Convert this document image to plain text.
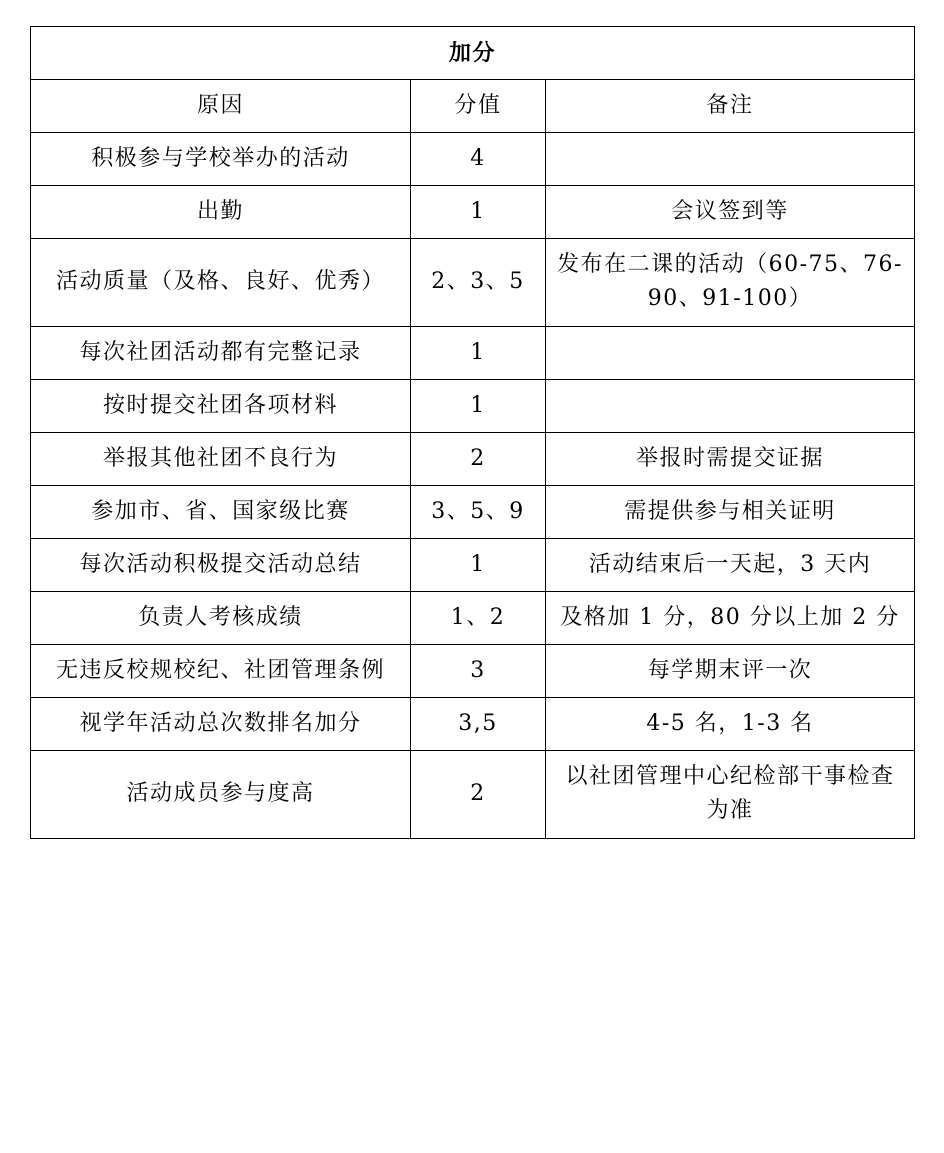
加分		
原因	分值	备注
积极参与学校举办的活动	4	
出勤	1	会议签到等
活动质量（及格、良好、优秀）	2、3、5	发布在二课的活动（60-75、76-90、91-100）
每次社团活动都有完整记录	1	
按时提交社团各项材料	1	
举报其他社团不良行为	2	举报时需提交证据
参加市、省、国家级比赛	3、5、9	需提供参与相关证明
每次活动积极提交活动总结	1	活动结束后一天起，3 天内
负责人考核成绩	1、2	及格加 1 分，80 分以上加 2 分
无违反校规校纪、社团管理条例	3	每学期末评一次
视学年活动总次数排名加分	3,5	4-5 名，1-3 名
活动成员参与度高	2	以社团管理中心纪检部干事检查为准
